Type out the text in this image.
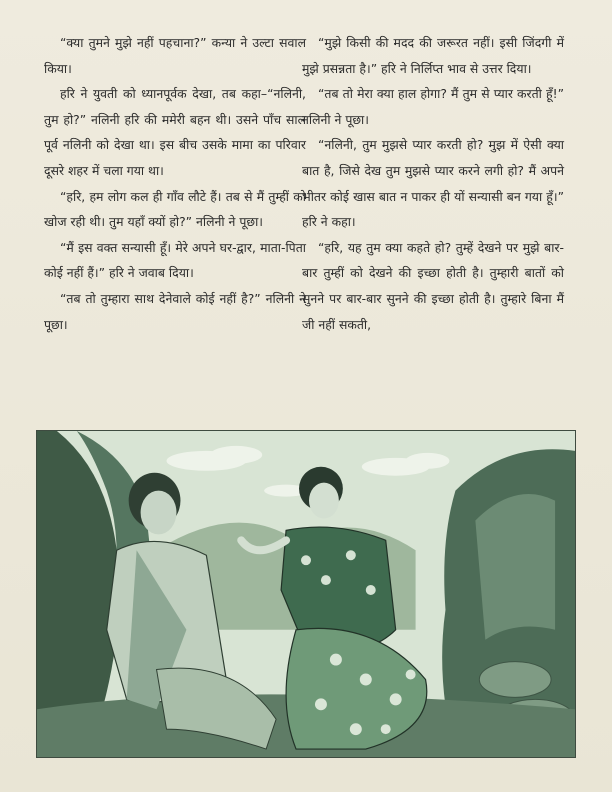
“क्या तुमने मुझे नहीं पहचाना?” कन्या ने उल्टा सवाल किया।

हरि ने युवती को ध्यानपूर्वक देखा, तब कहा–“नलिनी, तुम हो?” नलिनी हरि की ममेरी बहन थी। उसने पाँच साल पूर्व नलिनी को देखा था। इस बीच उसके मामा का परिवार दूसरे शहर में चला गया था।

“हरि, हम लोग कल ही गाँव लौटे हैं। तब से मैं तुम्हीं को खोज रही थी। तुम यहाँ क्यों हो?” नलिनी ने पूछा।

“मैं इस वक्त सन्यासी हूँ। मेरे अपने घर-द्वार, माता-पिता कोई नहीं हैं।” हरि ने जवाब दिया।

“तब तो तुम्हारा साथ देनेवाले कोई नहीं है?” नलिनी ने पूछा।

“मुझे किसी की मदद की जरूरत नहीं। इसी जिंदगी में मुझे प्रसन्नता है।” हरि ने निर्लिप्त भाव से उत्तर दिया।

“तब तो मेरा क्या हाल होगा? मैं तुम से प्यार करती हूँ!” नलिनी ने पूछा।

“नलिनी, तुम मुझसे प्यार करती हो? मुझ में ऐसी क्या बात है, जिसे देख तुम मुझसे प्यार करने लगी हो? मैं अपने भीतर कोई खास बात न पाकर ही यों सन्यासी बन गया हूँ।” हरि ने कहा।

“हरि, यह तुम क्या कहते हो? तुम्हें देखने पर मुझे बार-बार तुम्हीं को देखने की इच्छा होती है। तुम्हारी बातों को सुनने पर बार-बार सुनने की इच्छा होती है। तुम्हारे बिना मैं जी नहीं सकती,
